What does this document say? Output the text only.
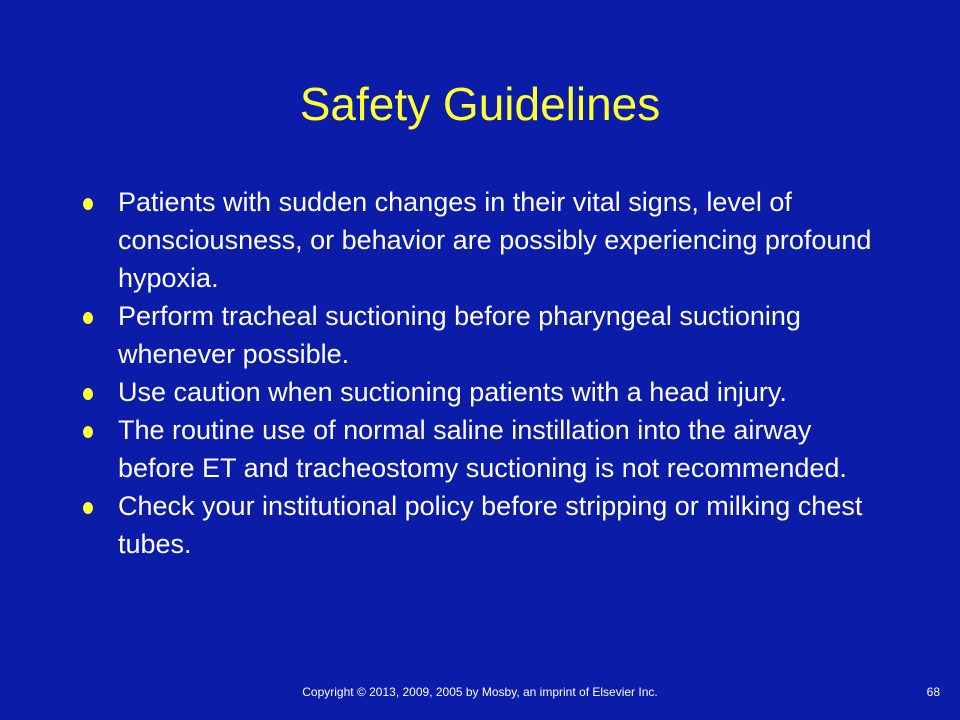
Safety Guidelines
Patients with sudden changes in their vital signs, level of consciousness, or behavior are possibly experiencing profound hypoxia.
Perform tracheal suctioning before pharyngeal suctioning whenever possible.
Use caution when suctioning patients with a head injury.
The routine use of normal saline instillation into the airway before ET and tracheostomy suctioning is not recommended.
Check your institutional policy before stripping or milking chest tubes.
Copyright © 2013, 2009, 2005 by Mosby, an imprint of Elsevier Inc.	68
